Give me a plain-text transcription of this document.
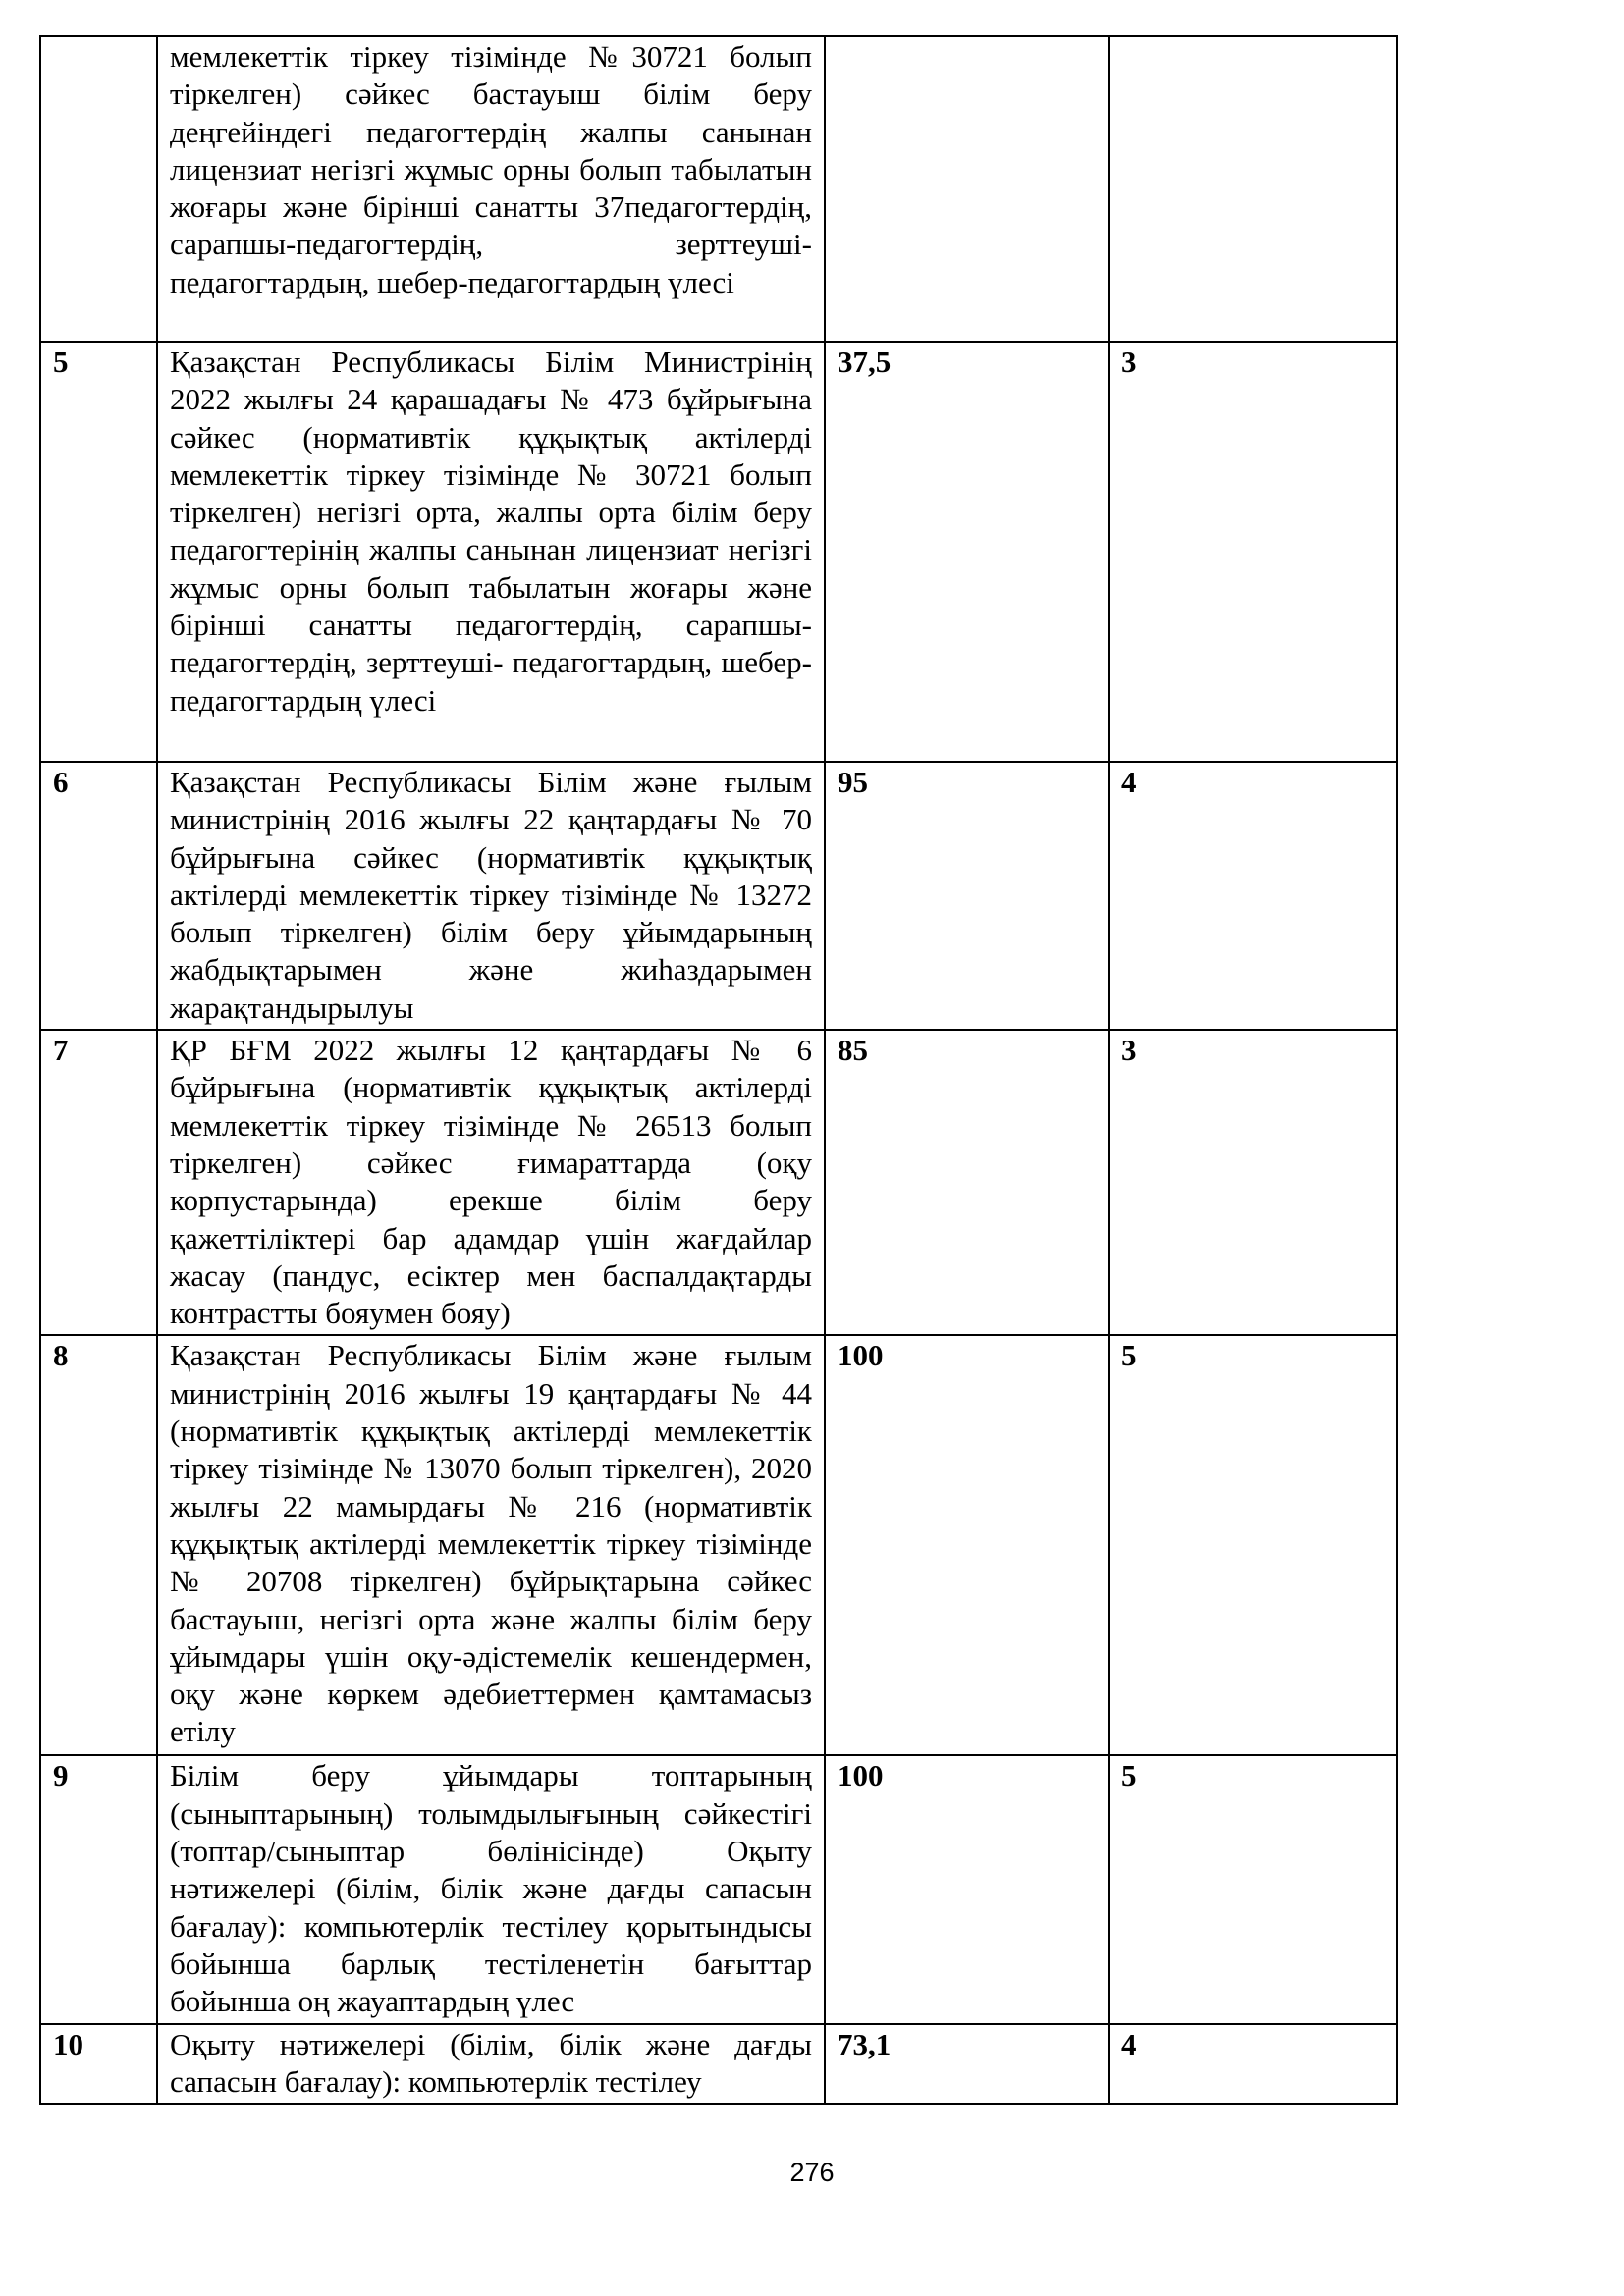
	мемлекеттік тіркеу тізімінде №30721 болып тіркелген) сәйкес бастауыш білім беру деңгейіндегі педагогтердің жалпы санынан лицензиат негізгі жұмыс орны болып табылатын жоғары және бірінші санатты 37педагогтердің, сарапшы-педагогтердің, зерттеуші- педагогтардың, шебер-педагогтардың үлесі		
5	Қазақстан Республикасы Білім Министрінің 2022 жылғы 24 қарашадағы № 473 бұйрығына сәйкес (нормативтік құқықтық актілерді мемлекеттік тіркеу тізімінде № 30721 болып тіркелген) негізгі орта, жалпы орта білім беру педагогтерінің жалпы санынан лицензиат негізгі жұмыс орны болып табылатын жоғары және бірінші санатты педагогтердің, сарапшы-педагогтердің, зерттеуші- педагогтардың, шебер-педагогтардың үлесі	37,5	3
6	Қазақстан Республикасы Білім және ғылым министрінің 2016 жылғы 22 қаңтардағы № 70 бұйрығына сәйкес (нормативтік құқықтық актілерді мемлекеттік тіркеу тізімінде № 13272 болып тіркелген) білім беру ұйымдарының жабдықтарымен және жиһаздарымен жарақтандырылуы	95	4
7	ҚР БҒМ 2022 жылғы 12 қаңтардағы № 6 бұйрығына (нормативтік құқықтық актілерді мемлекеттік тіркеу тізімінде № 26513 болып тіркелген) сәйкес ғимараттарда (оқу корпустарында) ерекше білім беру қажеттіліктері бар адамдар үшін жағдайлар жасау (пандус, есіктер мен баспалдақтарды контрастты бояумен бояу)	85	3
8	Қазақстан Республикасы Білім және ғылым министрінің 2016 жылғы 19 қаңтардағы № 44 (нормативтік құқықтық актілерді мемлекеттік тіркеу тізімінде № 13070 болып тіркелген), 2020 жылғы 22 мамырдағы № 216 (нормативтік құқықтық актілерді мемлекеттік тіркеу тізімінде № 20708 тіркелген) бұйрықтарына сәйкес бастауыш, негізгі орта және жалпы білім беру ұйымдары үшін оқу-әдістемелік кешендермен, оқу және көркем әдебиеттермен қамтамасыз етілу	100	5
9	Білім беру ұйымдары топтарының (сыныптарының) толымдылығының сәйкестігі (топтар/сыныптар бөлінісінде) Оқыту нәтижелері (білім, білік және дағды сапасын бағалау): компьютерлік тестілеу қорытындысы бойынша барлық тестіленетін бағыттар бойынша оң жауаптардың үлес	100	5
10	Оқыту нәтижелері (білім, білік және дағды сапасын бағалау): компьютерлік тестілеу	73,1	4
276
